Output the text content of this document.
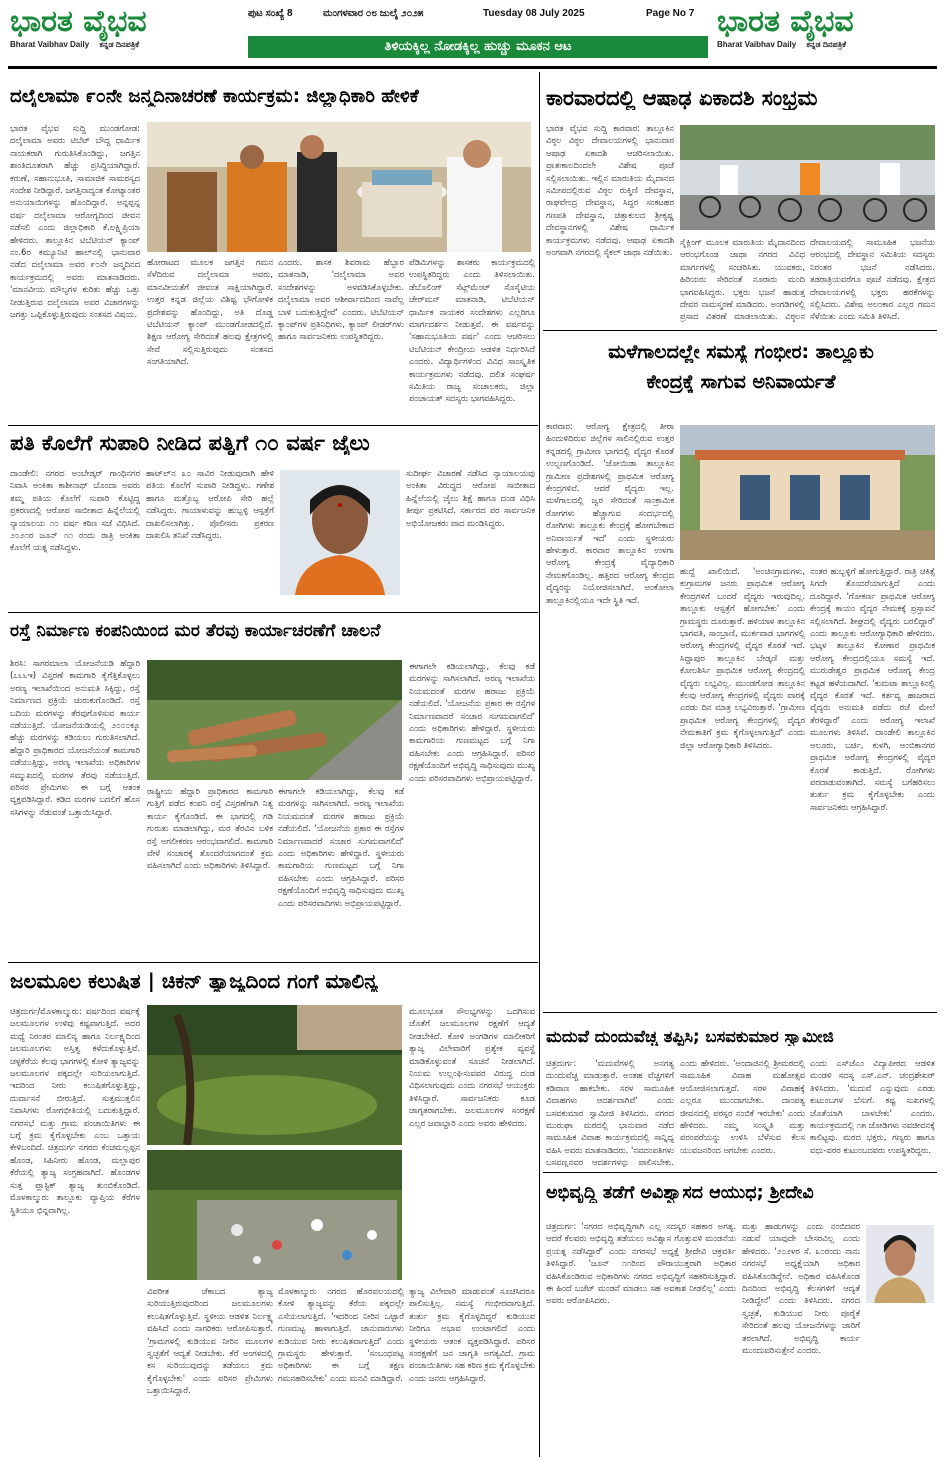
ಭಾರತ ವೈಭವ
Bharat Vaibhav Daily ಕನ್ನಡ ದಿನಪತ್ರಿಕೆ
ಭಾರತ ವೈಭವ
Bharat Vaibhav Daily ಕನ್ನಡ ದಿನಪತ್ರಿಕೆ
ಪುಟ ಸಂಖ್ಯೆ 8	ಮಂಗಳವಾರ ೦೮ ಜುಲೈ ೨೦೨೫	Tuesday 08 July 2025	Page No 7
ತಿಳಿಯಕ್ಕಿಲ್ಲ ನೋಡಕ್ಕಿಲ್ಲ ಹುಚ್ಚು ಮೂಕನ ಆಟ
ದಲೈಲಾಮಾ ೯೦ನೇ ಜನ್ಮದಿನಾಚರಣೆ ಕಾರ್ಯಕ್ರಮ: ಜಿಲ್ಲಾಧಿಕಾರಿ ಹೇಳಿಕೆ

ಭಾರತ ವೈಭವ ಸುದ್ದಿ ಮುಂಡಗೋಡ: ದಲೈಲಾಮಾ ಅವರು ಟಿಬೆಟ್‌ ಬೌದ್ಧ ಧಾರ್ಮಿಕ ನಾಯಕರಾಗಿ ಗುರುತಿಸಿಕೊಂಡಿದ್ದು, ಜಗತ್ತಿನ ಶಾಂತಿದೂತರಾಗಿ ಹೆಚ್ಚು ಪ್ರಸಿದ್ಧಿಯಾಗಿದ್ದಾರೆ. ಕರುಣೆ, ಸಹಾನುಭೂತಿ, ಸಾಮಾಜಿಕ ಸಾಮರಸ್ಯದ ಸಂದೇಶ ನೀಡಿದ್ದಾರೆ. ಜಗತ್ತಿನಾದ್ಯಂತ ಕೋಟ್ಯಾಂತರ ಅನುಯಾಯಿಗಳನ್ನು ಹೊಂದಿದ್ದಾರೆ. ಅನ್ನಪ್ಪನ್ನ ವರ್ಷ ದಲೈಲಾಮಾ ಆರೋಗ್ಯದಿಂದ ಜೀವನ ನಡೆಸಲಿ ಎಂದು ಜಿಲ್ಲಾಧಿಕಾರಿ ಕೆ.ಲಕ್ಷ್ಮಿಪ್ರಿಯಾ ಹೇಳಿದರು. ತಾಲ್ಲೂಕಿನ ಟಿಬೆಟಿಯನ್‌ ಕ್ಯಾಂಪ್‌ ನಂ.6ರ ಕಮ್ಯೂನಿಟಿ ಹಾಲ್‌ನಲ್ಲಿ ಭಾನುವಾರ ನಡೆದ ದಲೈಲಾಮಾ ಅವರ ೯೦ನೇ ಜನ್ಮದಿನದ ಕಾರ್ಯಕ್ರಮದಲ್ಲಿ ಅವರು ಮಾತನಾಡಿದರು. 'ಮಾನವೀಯ ಮೌಲ್ಯಗಳ ಕುರಿತು ಹೆಚ್ಚು ಒತ್ತು ನೀಡುತ್ತಿರುವ ದಲೈಲಾಮಾ ಅವರ ವಿಚಾರಗಳನ್ನು ಜಗತ್ತು ಒಪ್ಪಿಕೊಳ್ಳುತ್ತಿರುವುದು ಸಂತಸದ ವಿಷಯ.

ಹೋರಾಟದ ಮೂಲಕ ಜಗತ್ತಿನ ಗಮನ ಸೆಳೆದಿರುವ ದಲೈಲಾಮಾ ಅವರು, ಮಾನವೀಯತೆಗೆ ಜೀವಂತ ಸಾಕ್ಷಿಯಾಗಿದ್ದಾರೆ. ಉತ್ತರ ಕನ್ನಡ ಜಿಲ್ಲೆಯ ವಿಶಿಷ್ಟ ಭೌಗೋಳಿಕ ಪ್ರದೇಶವನ್ನು ಹೊಂದಿದ್ದು, ಅತಿ ದೊಡ್ಡ ಟಿಬೆಟಿಯನ್‌ ಕ್ಯಾಂಪ್‌ ಮುಂಡಗೋಡದಲ್ಲಿದೆ. ಶಿಕ್ಷಣ ಆರೋಗ್ಯ ಸೇರಿದಂತೆ ಹಲವು ಕ್ಷೇತ್ರಗಳಲ್ಲಿ ಸೇವೆ ಸಲ್ಲಿಸುತ್ತಿರುವುದು ಸಂತಸದ ಸಂಗತಿಯಾಗಿದೆ.

ಎಂದರು. ಶಾಸಕ ಶಿವರಾಮ ಹೆಬ್ಬಾರ ಮಾತನಾಡಿ, 'ದಲೈಲಾಮಾ ಅವರ ಸಂದೇಶಗಳನ್ನು ಅಳವಡಿಸಿಕೊಳ್ಳಬೇಕು. ದಲೈಲಾಮಾ ಅವರ ಆಶೀರ್ವಾದದಿಂದ ನಾವೆಲ್ಲ ಬಾಳಿ ಬದುಕುತ್ತಿದ್ದೇವೆ' ಎಂದರು. ಟಿಬೆಟಿಯನ್‌ ಕ್ಯಾಂಪ್‌ಗಳ ಪ್ರತಿನಿಧಿಗಳು, ಕ್ಯಾಂಪ್‌ ಲೀಡರ್‌ಗಳು ಹಾಗೂ ಸಾರ್ವಜನಿಕರು ಉಪಸ್ಥಿತರಿದ್ದರು.

ಪೆಡಿಮಿಗಳನ್ನು ಶಾಸಕರು ಕಾರ್ಯಕ್ರಮದಲ್ಲಿ ಉಪಸ್ಥಿತರಿದ್ದರು ಎಂದು ತಿಳಿಸಲಾಯಿತು. ಡೆಬೊಲಿಂಗ್‌ ಸೆಟ್ಲ್‌ಮೆಂಟ್‌ ಸೊಸೈಟಿಯ ಚೇರ್‌ಮನ್‌ ಮಾತನಾಡಿ, ಟಿಬೆಟಿಯನ್‌ ಧಾರ್ಮಿಕ ನಾಯಕರ ಸಂದೇಶಗಳು ಎಲ್ಲರಿಗೂ ಮಾರ್ಗದರ್ಶನ ನೀಡುತ್ತವೆ. ಈ ವರ್ಷವನ್ನು 'ಸಹಾನುಭೂತಿಯ ವರ್ಷ' ಎಂದು ಆಚರಿಸಲು ಟಿಬೆಟಿಯನ್‌ ಕೇಂದ್ರೀಯ ಆಡಳಿತ ನಿರ್ಧರಿಸಿದೆ ಎಂದರು. ವಿದ್ಯಾರ್ಥಿಗಳಿಂದ ವಿವಿಧ ಸಾಂಸ್ಕೃತಿಕ ಕಾರ್ಯಕ್ರಮಗಳು ನಡೆದವು. ದಲಿತ ಸಂಘರ್ಷ ಸಮಿತಿಯ ರಾಜ್ಯ ಸಂಚಾಲಕರು, ಜಿಲ್ಲಾ ಪಂಚಾಯತ್‌ ಸದಸ್ಯರು ಭಾಗವಹಿಸಿದ್ದರು.

ಪತಿ ಕೊಲೆಗೆ ಸುಪಾರಿ ನೀಡಿದ ಪತ್ನಿಗೆ ೧೦ ವರ್ಷ ಜೈಲು

ದಾಂಡೇಲಿ: ನಗರದ ಅಂಬೇಡ್ಕರ್‌ ಗಾಂಧಿನಗರ ನಿವಾಸಿ ಅಂಕಿತಾ ಕಾಶೀನಾಥ್‌ ಬೊಂದಾ ಅವರು ತಮ್ಮ ಪತಿಯ ಕೊಲೆಗೆ ಸುಪಾರಿ ಕೊಟ್ಟಿದ್ದ ಪ್ರಕರಣದಲ್ಲಿ ಆರೋಪ ಸಾಬೀತಾದ ಹಿನ್ನೆಲೆಯಲ್ಲಿ ನ್ಯಾಯಾಲಯ ೧೦ ವರ್ಷ ಕಠಿಣ ಸಜೆ ವಿಧಿಸಿದೆ. ೨೦೨೧ರ ಜೂನ್‌ ೧೧ ರಂದು ರಾತ್ರಿ ಅಂಕಿತಾ ಕೊಲೆಗೆ ಯತ್ನ ನಡೆಸಿದ್ದಳು.

ಹಾಟ್‌ಲ್‌ನ ೩೦ ಸಾವಿರ ನೀಡುವುದಾಗಿ ಹೇಳಿ ಪತಿಯ ಕೊಲೆಗೆ ಸುಪಾರಿ ನೀಡಿದ್ದಳು. ಗಣೇಶ ಹಾಗೂ ಮತ್ತೊಬ್ಬ ಆರೋಪಿ ಸೇರಿ ಹಲ್ಲೆ ನಡೆಸಿದ್ದರು. ಗಾಯಾಳುವನ್ನು ಹುಬ್ಬಳ್ಳಿ ಆಸ್ಪತ್ರೆಗೆ ದಾಖಲಿಸಲಾಗಿತ್ತು. ಪೊಲೀಸರು ಪ್ರಕರಣ ದಾಖಲಿಸಿ ತನಿಖೆ ನಡೆಸಿದ್ದರು.

ಸುದೀರ್ಘ ವಿಚಾರಣೆ ನಡೆಸಿದ ನ್ಯಾಯಾಲಯವು ಅಂಕಿತಾ ವಿರುದ್ಧದ ಆರೋಪ ಸಾಬೀತಾದ ಹಿನ್ನೆಲೆಯಲ್ಲಿ ಜೈಲು ಶಿಕ್ಷೆ ಹಾಗೂ ದಂಡ ವಿಧಿಸಿ ತೀರ್ಪು ಪ್ರಕಟಿಸಿದೆ. ಸರ್ಕಾರದ ಪರ ಸಾರ್ವಜನಿಕ ಅಭಿಯೋಜಕರು ವಾದ ಮಂಡಿಸಿದ್ದರು.

ರಸ್ತೆ ನಿರ್ಮಾಣ ಕಂಪನಿಯಿಂದ ಮರ ತೆರವು ಕಾರ್ಯಾಚರಣೆಗೆ ಚಾಲನೆ

ಶಿರಸಿ: ಸಾಗರಮಾಲಾ ಯೋಜನೆಯಡಿ ಹೆದ್ದಾರಿ (೭೬೬ಇ) ವಿಸ್ತರಣೆ ಕಾಮಗಾರಿ ಕೈಗೆತ್ತಿಕೊಳ್ಳಲು ಅರಣ್ಯ ಇಲಾಖೆಯಿಂದ ಅನುಮತಿ ಸಿಕ್ಕಿದ್ದು, ರಸ್ತೆ ನಿರ್ಮಾಣದ ಪ್ರಕ್ರಿಯೆ ಚುರುಕುಗೊಂಡಿದೆ. ರಸ್ತೆ ಬದಿಯ ಮರಗಳನ್ನು ತೆರವುಗೊಳಿಸುವ ಕಾರ್ಯ ನಡೆಯುತ್ತಿದೆ. ಯೋಜನೆಯಡಿಯಲ್ಲಿ ೨೦೦೦ಕ್ಕೂ ಹೆಚ್ಚು ಮರಗಳನ್ನು ಕಡಿಯಲು ಗುರುತಿಸಲಾಗಿದೆ. ಹೆದ್ದಾರಿ ಪ್ರಾಧಿಕಾರದ ಯೋಜನೆಯಂತೆ ಕಾಮಗಾರಿ ನಡೆಯುತ್ತಿದ್ದು, ಅರಣ್ಯ ಇಲಾಖೆಯ ಅಧಿಕಾರಿಗಳ ಸಮ್ಮುಖದಲ್ಲಿ ಮರಗಳ ತೆರವು ನಡೆಯುತ್ತಿದೆ. ಪರಿಸರ ಪ್ರೇಮಿಗಳು ಈ ಬಗ್ಗೆ ಆತಂಕ ವ್ಯಕ್ತಪಡಿಸಿದ್ದಾರೆ. ಕಡಿದ ಮರಗಳ ಬದಲಿಗೆ ಹೊಸ ಸಸಿಗಳನ್ನು ನೆಡುವಂತೆ ಒತ್ತಾಯಿಸಿದ್ದಾರೆ.

ರಾಷ್ಟ್ರೀಯ ಹೆದ್ದಾರಿ ಪ್ರಾಧಿಕಾರದ ಕಾಮಗಾರಿ ಗುತ್ತಿಗೆ ಪಡೆದ ಕಂಪನಿ ರಸ್ತೆ ವಿಸ್ತರಣೆಗಾಗಿ ನಿತ್ಯ ಕಾರ್ಯ ಕೈಗೊಂಡಿದೆ. ಈ ಭಾಗದಲ್ಲಿ ಗಡಿ ಗುರುತು ಮಾಡಲಾಗಿದ್ದು, ಮರ ತೆರವಿನ ಬಳಿಕ ರಸ್ತೆ ಅಗಲೀಕರಣ ಆರಂಭವಾಗಲಿದೆ. ಕಾಮಗಾರಿ ವೇಳೆ ಸಂಚಾರಕ್ಕೆ ತೊಂದರೆಯಾಗದಂತೆ ಕ್ರಮ ವಹಿಸಲಾಗಿದೆ ಎಂದು ಅಧಿಕಾರಿಗಳು ತಿಳಿಸಿದ್ದಾರೆ.

ಈಗಾಗಲೇ ಕಡಿಯಲಾಗಿದ್ದು, ಕೆಲವು ಕಡೆ ಮರಗಳನ್ನು ಸಾಗಿಸಲಾಗಿದೆ. ಅರಣ್ಯ ಇಲಾಖೆಯ ನಿಯಮದಂತೆ ಮರಗಳ ಹರಾಜು ಪ್ರಕ್ರಿಯೆ ನಡೆಯಲಿದೆ. 'ಯೋಜನೆಯ ಪ್ರಕಾರ ಈ ರಸ್ತೆಗಳ ನಿರ್ಮಾಣವಾದರೆ ಸಂಚಾರ ಸುಗಮವಾಗಲಿದೆ' ಎಂದು ಅಧಿಕಾರಿಗಳು ಹೇಳಿದ್ದಾರೆ. ಸ್ಥಳೀಯರು ಕಾಮಗಾರಿಯ ಗುಣಮಟ್ಟದ ಬಗ್ಗೆ ನಿಗಾ ವಹಿಸಬೇಕು ಎಂದು ಆಗ್ರಹಿಸಿದ್ದಾರೆ. ಪರಿಸರ ರಕ್ಷಣೆಯೊಂದಿಗೆ ಅಭಿವೃದ್ಧಿ ಸಾಧಿಸುವುದು ಮುಖ್ಯ ಎಂದು ಪರಿಸರವಾದಿಗಳು ಅಭಿಪ್ರಾಯಪಟ್ಟಿದ್ದಾರೆ.

ಈಗಾಗಲೇ ಕಡಿಯಲಾಗಿದ್ದು, ಕೆಲವು ಕಡೆ ಮರಗಳನ್ನು ಸಾಗಿಸಲಾಗಿದೆ. ಅರಣ್ಯ ಇಲಾಖೆಯ ನಿಯಮದಂತೆ ಮರಗಳ ಹರಾಜು ಪ್ರಕ್ರಿಯೆ ನಡೆಯಲಿದೆ. 'ಯೋಜನೆಯ ಪ್ರಕಾರ ಈ ರಸ್ತೆಗಳ ನಿರ್ಮಾಣವಾದರೆ ಸಂಚಾರ ಸುಗಮವಾಗಲಿದೆ' ಎಂದು ಅಧಿಕಾರಿಗಳು ಹೇಳಿದ್ದಾರೆ. ಸ್ಥಳೀಯರು ಕಾಮಗಾರಿಯ ಗುಣಮಟ್ಟದ ಬಗ್ಗೆ ನಿಗಾ ವಹಿಸಬೇಕು ಎಂದು ಆಗ್ರಹಿಸಿದ್ದಾರೆ. ಪರಿಸರ ರಕ್ಷಣೆಯೊಂದಿಗೆ ಅಭಿವೃದ್ಧಿ ಸಾಧಿಸುವುದು ಮುಖ್ಯ ಎಂದು ಪರಿಸರವಾದಿಗಳು ಅಭಿಪ್ರಾಯಪಟ್ಟಿದ್ದಾರೆ.

ಜಲಮೂಲ ಕಲುಷಿತ | ಚಿಕನ್ ತ್ಯಾಜ್ಯದಿಂದ ಗಂಗೆ ಮಾಲಿನ್ಯ

ಚಿತ್ರದುರ್ಗ/ಮೊಳಕಾಲ್ಮುರು: ವರ್ಷದಿಂದ ವರ್ಷಕ್ಕೆ ಜಲಮೂಲಗಳ ಉಳಿವು ಕಷ್ಟವಾಗುತ್ತಿದೆ. ಅದರ ಮಧ್ಯೆ ನಿರಂತರ ಮಾಲಿನ್ಯ ಹಾಗೂ ನಿರ್ಲಕ್ಷ್ಯದಿಂದ ಜಲಮೂಲಗಳು ಅಸ್ತಿತ್ವ ಕಳೆದುಕೊಳ್ಳುತ್ತಿವೆ. ಚಳ್ಳಕೆರೆಯ ಕೆಲವು ಭಾಗಗಳಲ್ಲಿ ಕೋಳಿ ತ್ಯಾಜ್ಯವನ್ನು ಜಲಮೂಲಗಳ ಪಕ್ಕದಲ್ಲೇ ಸುರಿಯಲಾಗುತ್ತಿದೆ. ಇದರಿಂದ ನೀರು ಕಲುಷಿತಗೊಳ್ಳುತ್ತಿದ್ದು, ದುರ್ವಾಸನೆ ಬೀರುತ್ತಿದೆ. ಸುತ್ತಮುತ್ತಲಿನ ನಿವಾಸಿಗಳು ರೋಗಭೀತಿಯಲ್ಲಿ ಬದುಕುತ್ತಿದ್ದಾರೆ. ನಗರಸಭೆ ಮತ್ತು ಗ್ರಾಮ ಪಂಚಾಯಿತಿಗಳು ಈ ಬಗ್ಗೆ ಕ್ರಮ ಕೈಗೊಳ್ಳಬೇಕು ಎಂಬ ಒತ್ತಾಯ ಕೇಳಿಬಂದಿದೆ. ಚಿತ್ರದುರ್ಗ ನಗರದ ಕೆಂಚಮಲ್ಲಪ್ಪನ ಹೊಂಡ, ಸಿಹಿನೀರು ಹೊಂಡ, ಮಲ್ಲಾಪುರ ಕೆರೆಯಲ್ಲಿ ತ್ಯಾಜ್ಯ ಸಂಗ್ರಹವಾಗಿದೆ. ಹೊಂಡಗಳ ಸುತ್ತ ಪ್ಲಾಸ್ಟಿಕ್‌ ತ್ಯಾಜ್ಯ ತುಂಬಿಕೊಂಡಿದೆ. ಮೊಳಕಾಲ್ಮುರು ತಾಲ್ಲೂಕು ವ್ಯಾಪ್ತಿಯ ಕೆರೆಗಳ ಸ್ಥಿತಿಯೂ ಭಿನ್ನವಾಗಿಲ್ಲ.

ವಿಪರೀತ ಚೆಕಾಬದ ತ್ಯಾಜ್ಯ ಸುರಿಯುತ್ತಿರುವುದರಿಂದ ಜಲಮೂಲಗಳು ಕಲುಷಿತಗೊಳ್ಳುತ್ತಿವೆ. ಸ್ಥಳೀಯ ಆಡಳಿತ ನಿರ್ಲಕ್ಷ್ಯ ವಹಿಸಿದೆ ಎಂದು ನಾಗರಿಕರು ಆರೋಪಿಸುತ್ತಾರೆ. 'ಗ್ರಾಮಗಳಲ್ಲಿ ಕುಡಿಯುವ ನೀರಿನ ಮೂಲಗಳ ಸ್ವಚ್ಛತೆಗೆ ಆದ್ಯತೆ ನೀಡಬೇಕು. ಕೆರೆ ಅಂಗಳದಲ್ಲಿ ಕಸ ಸುರಿಯುವುದನ್ನು ತಡೆಯಲು ಕ್ರಮ ಕೈಗೊಳ್ಳಬೇಕು' ಎಂದು ಪರಿಸರ ಪ್ರೇಮಿಗಳು ಒತ್ತಾಯಿಸಿದ್ದಾರೆ.

ಮೊಳಕಾಲ್ಮುರು ನಗರದ ಹೊರವಲಯದಲ್ಲಿ ಕೋಳಿ ತ್ಯಾಜ್ಯವನ್ನು ಕೆರೆಯ ಪಕ್ಕದಲ್ಲೇ ಎಸೆಯಲಾಗುತ್ತಿದೆ. 'ಇದರಿಂದ ನೀರಿನ ಒಟ್ಟಾರೆ ಗುಣಮಟ್ಟ ಹಾಳಾಗುತ್ತಿದೆ. ಜಾನುವಾರುಗಳು ಕುಡಿಯುವ ನೀರು ಕಲುಷಿತವಾಗುತ್ತಿದೆ' ಎಂದು ಗ್ರಾಮಸ್ಥರು ಹೇಳುತ್ತಾರೆ. 'ಸಂಬಂಧಪಟ್ಟ ಅಧಿಕಾರಿಗಳು ಈ ಬಗ್ಗೆ ತಕ್ಷಣ ಗಮನಹರಿಸಬೇಕು' ಎಂದು ಮನವಿ ಮಾಡಿದ್ದಾರೆ.

ಮೂಲಭೂತ ಸೌಲಭ್ಯಗಳನ್ನು ಒದಗಿಸುವ ಜೊತೆಗೆ ಜಲಮೂಲಗಳ ರಕ್ಷಣೆಗೆ ಆದ್ಯತೆ ನೀಡಬೇಕಿದೆ. ಕೋಳಿ ಅಂಗಡಿಗಳ ಮಾಲೀಕರಿಗೆ ತ್ಯಾಜ್ಯ ವಿಲೇವಾರಿಗೆ ಪ್ರತ್ಯೇಕ ವ್ಯವಸ್ಥೆ ಮಾಡಿಕೊಳ್ಳುವಂತೆ ಸೂಚನೆ ನೀಡಲಾಗಿದೆ. ನಿಯಮ ಉಲ್ಲಂಘಿಸುವವರ ವಿರುದ್ಧ ದಂಡ ವಿಧಿಸಲಾಗುವುದು ಎಂದು ನಗರಸಭೆ ಆಯುಕ್ತರು ತಿಳಿಸಿದ್ದಾರೆ. ಸಾರ್ವಜನಿಕರು ಕೂಡ ಜಾಗೃತರಾಗಬೇಕು. ಜಲಮೂಲಗಳ ಸಂರಕ್ಷಣೆ ಎಲ್ಲರ ಜವಾಬ್ದಾರಿ ಎಂದು ಅವರು ಹೇಳಿದರು.

ತ್ಯಾಜ್ಯ ವಿಲೇವಾರಿ ಮಾಡುವಂತೆ ಸೂಚಿಸಿದರೂ ಪಾಲಿಸುತ್ತಿಲ್ಲ. ಸಮಸ್ಯೆ ಗಂಭೀರವಾಗುತ್ತಿದೆ. ತುರ್ತು ಕ್ರಮ ಕೈಗೊಳ್ಳದಿದ್ದರೆ ಕುಡಿಯುವ ನೀರಿಗೂ ಅಭಾವ ಉಂಟಾಗಲಿದೆ ಎಂದು ಸ್ಥಳೀಯರು ಆತಂಕ ವ್ಯಕ್ತಪಡಿಸಿದ್ದಾರೆ. ಪರಿಸರ ಸಂರಕ್ಷಣೆಗೆ ಜನ ಜಾಗೃತಿ ಅಗತ್ಯವಿದೆ. ಗ್ರಾಮ ಪಂಚಾಯಿತಿಗಳು ಸಹ ಕಠಿಣ ಕ್ರಮ ಕೈಗೊಳ್ಳಬೇಕು ಎಂದು ಜನರು ಆಗ್ರಹಿಸಿದ್ದಾರೆ.

ಕಾರವಾರದಲ್ಲಿ ಆಷಾಢ ಏಕಾದಶಿ ಸಂಭ್ರಮ

ಭಾರತ ವೈಭವ ಸುದ್ದಿ ಕಾರವಾರ: ತಾಲ್ಲೂಕಿನ ವಿಠ್ಠಲ ವಿಠ್ಠಲ ದೇವಾಲಯಗಳಲ್ಲಿ ಭಾನುವಾರ ಆಷಾಢ ಏಕಾದಶಿ ಆಚರಿಸಲಾಯಿತು. ಪ್ರಾತಃಕಾಲದಿಂದಲೇ ವಿಶೇಷ ಪೂಜೆ ಸಲ್ಲಿಸಲಾಯಿತು. ಇಲ್ಲಿನ ಮಾರುತಿಯ ಮೈದಾನದ ಸಮೀಪದಲ್ಲಿರುವ ವಿಠ್ಠಲ ರುಕ್ಮಿಣಿ ದೇವಸ್ಥಾನ, ರಾಘವೇಂದ್ರ ದೇವಸ್ಥಾನ, ಸಿದ್ದರ ಸಂಕಟಹರ ಗಣಪತಿ ದೇವಸ್ಥಾನ, ಚಿತ್ತಾಕುಲದ ಶ್ರೀಕೃಷ್ಣ ದೇವಸ್ಥಾನಗಳಲ್ಲಿ ವಿಶೇಷ ಧಾರ್ಮಿಕ ಕಾರ್ಯಕ್ರಮಗಳು ನಡೆದವು. ಆಷಾಢ ಏಕಾದಶಿ ಅಂಗವಾಗಿ ನಗರದಲ್ಲಿ ಸೈಕಲ್‌ ಜಾಥಾ ನಡೆಯಿತು.

ಸೈಕ್ಲಿಂಗ್‌ ಮೂಲಕ ಮಾರುತಿಯ ಮೈದಾನದಿಂದ ಆರಂಭಗೊಂಡ ಜಾಥಾ ನಗರದ ವಿವಿಧ ಮಾರ್ಗಗಳಲ್ಲಿ ಸಂಚರಿಸಿತು. ಯುವಕರು, ಹಿರಿಯರು ಸೇರಿದಂತೆ ನೂರಾರು ಮಂದಿ ಭಾಗವಹಿಸಿದ್ದರು. ಭಕ್ತರು ಭಜನೆ ಹಾಡುತ್ತ ದೇವರ ನಾಮಸ್ಮರಣೆ ಮಾಡಿದರು. ಅಂಗಡಿಗಳಲ್ಲಿ ಪ್ರಸಾದ ವಿತರಣೆ ಮಾಡಲಾಯಿತು. ವಿಠ್ಠಲನ

ದೇವಾಲಯದಲ್ಲಿ ಸಾಮೂಹಿಕ ಭಜನೆಯ ಆರಂಭದಲ್ಲಿ ದೇವಸ್ಥಾನ ಸಮಿತಿಯ ಸದಸ್ಯರು ನಿರಂತರ ಭಜನೆ ನಡೆಸಿದರು. ತಡರಾತ್ರಿಯವರೆಗೂ ಪೂಜೆ ನಡೆದವು. ಕ್ಷೇತ್ರದ ದೇವಾಲಯಗಳಲ್ಲಿ ಭಕ್ತರು ಹರಕೆಗಳನ್ನು ಸಲ್ಲಿಸಿದರು. ವಿಶೇಷ ಅಲಂಕಾರ ಎಲ್ಲರ ಗಮನ ಸೆಳೆಯಿತು ಎಂದು ಸಮಿತಿ ತಿಳಿಸಿದೆ.

ಮಳೆಗಾಲದಲ್ಲೇ ಸಮಸ್ಯೆ ಗಂಭೀರ: ತಾಲ್ಲೂಕು
ಕೇಂದ್ರಕ್ಕೆ ಸಾಗುವ ಅನಿವಾರ್ಯತೆ

ಕಾರವಾರ: ಆರೋಗ್ಯ ಕ್ಷೇತ್ರದಲ್ಲಿ ತೀರಾ ಹಿಂದುಳಿದಿರುವ ಜಿಲ್ಲೆಗಳ ಸಾಲಿನಲ್ಲಿರುವ ಉತ್ತರ ಕನ್ನಡದಲ್ಲಿ ಗ್ರಾಮೀಣ ಭಾಗದಲ್ಲಿ ವೈದ್ಯರ ಕೊರತೆ ಉಲ್ಬಣಗೊಂಡಿದೆ. 'ಜೋಯಿಡಾ ತಾಲ್ಲೂಕಿನ ಗ್ರಾಮೀಣ ಪ್ರದೇಶಗಳಲ್ಲಿ ಪ್ರಾಥಮಿಕ ಆರೋಗ್ಯ ಕೇಂದ್ರಗಳಿವೆ. ಆದರೆ ವೈದ್ಯರು ಇಲ್ಲ. ಮಳೆಗಾಲದಲ್ಲಿ ಜ್ವರ ಸೇರಿದಂತೆ ಸಾಂಕ್ರಾಮಿಕ ರೋಗಗಳು ಹೆಚ್ಚಾಗುವ ಸಂದರ್ಭದಲ್ಲಿ ರೋಗಿಗಳು ತಾಲ್ಲೂಕು ಕೇಂದ್ರಕ್ಕೆ ಹೋಗಬೇಕಾದ ಅನಿವಾರ್ಯತೆ ಇದೆ' ಎಂದು ಸ್ಥಳೀಯರು ಹೇಳುತ್ತಾರೆ. ಕಾರವಾರ ತಾಲ್ಲೂಕಿನ ಉಳಗಾ ಆರೋಗ್ಯ ಕೇಂದ್ರಕ್ಕೆ ವೈದ್ಯಾಧಿಕಾರಿ ನೇಮಕಗೊಂಡಿಲ್ಲ. ಹತ್ತಿರದ ಆರೋಗ್ಯ ಕೇಂದ್ರದ ವೈದ್ಯರನ್ನು ನಿಯೋಜಿಸಲಾಗಿದೆ. ಅಂಕೋಲಾ ತಾಲ್ಲೂಕಿನಲ್ಲಿಯೂ ಇದೇ ಸ್ಥಿತಿ ಇದೆ.

ಹುದ್ದೆ ಖಾಲಿಯಿದೆ. 'ಅಂಚಿನಗ್ರಾಮಗಳು, ಕುಗ್ರಾಮಗಳ ಜನರು ಪ್ರಾಥಮಿಕ ಆರೋಗ್ಯ ಕೇಂದ್ರಗಳಿಗೆ ಬಂದರೆ ವೈದ್ಯರು ಇರುವುದಿಲ್ಲ. ತಾಲ್ಲೂಕು ಆಸ್ಪತ್ರೆಗೆ ಹೋಗಬೇಕು' ಎಂದು ಗ್ರಾಮಸ್ಥರು ದೂರುತ್ತಾರೆ. ಹಳಿಯಾಳ ತಾಲ್ಲೂಕಿನ ಭಾಗವತಿ, ಸಾಂಬ್ರಾಣಿ, ಮುರ್ಕವಾಡ ಭಾಗಗಳಲ್ಲಿ ಆರೋಗ್ಯ ಕೇಂದ್ರಗಳಲ್ಲಿ ವೈದ್ಯರ ಕೊರತೆ ಇದೆ. ಸಿದ್ದಾಪುರ ತಾಲ್ಲೂಕಿನ ಬೇಡ್ಕಣಿ ಮತ್ತು ಕೋಲಶಿರ್ಸಿ ಪ್ರಾಥಮಿಕ ಆರೋಗ್ಯ ಕೇಂದ್ರದಲ್ಲಿ ವೈದ್ಯರು ಲಭ್ಯವಿಲ್ಲ. ಮುಂಡಗೋಡ ತಾಲ್ಲೂಕಿನ ಕೆಲವು ಆರೋಗ್ಯ ಕೇಂದ್ರಗಳಲ್ಲಿ ವೈದ್ಯರು ವಾರಕ್ಕೆ ಎರಡು ದಿನ ಮಾತ್ರ ಲಭ್ಯವಿರುತ್ತಾರೆ. 'ಗ್ರಾಮೀಣ ಪ್ರಾಥಮಿಕ ಆರೋಗ್ಯ ಕೇಂದ್ರಗಳಲ್ಲಿ ವೈದ್ಯರ ನೇಮಕಾತಿಗೆ ಕ್ರಮ ಕೈಗೊಳ್ಳಲಾಗುತ್ತಿದೆ' ಎಂದು ಜಿಲ್ಲಾ ಆರೋಗ್ಯಾಧಿಕಾರಿ ತಿಳಿಸಿದರು.

ನಂತರ ಹುಬ್ಬಳ್ಳಿಗೆ ಹೋಗುತ್ತಿದ್ದಾರೆ. ರಾತ್ರಿ ಚಿಕಿತ್ಸೆ ಸಿಗದೇ ತೊಂದರೆಯಾಗುತ್ತಿದೆ ಎಂದು ದೂರಿದ್ದಾರೆ. 'ಗೋಕರ್ಣ ಪ್ರಾಥಮಿಕ ಆರೋಗ್ಯ ಕೇಂದ್ರಕ್ಕೆ ಕಾಯಂ ವೈದ್ಯರ ನೇಮಕಕ್ಕೆ ಪ್ರಸ್ತಾವನೆ ಸಲ್ಲಿಸಲಾಗಿದೆ. ಶೀಘ್ರದಲ್ಲಿ ವೈದ್ಯರು ಬರಲಿದ್ದಾರೆ' ಎಂದು ತಾಲ್ಲೂಕು ಆರೋಗ್ಯಾಧಿಕಾರಿ ಹೇಳಿದರು. ಭಟ್ಕಳ ತಾಲ್ಲೂಕಿನ ಕೋಣಾರ ಪ್ರಾಥಮಿಕ ಆರೋಗ್ಯ ಕೇಂದ್ರದಲ್ಲಿಯೂ ಸಮಸ್ಯೆ ಇದೆ. ಮುರುಡೇಶ್ವರ ಪ್ರಾಥಮಿಕ ಆರೋಗ್ಯ ಕೇಂದ್ರ ಕಟ್ಟಡ ಹಳೆಯದಾಗಿದೆ. 'ಕುಮಟಾ ತಾಲ್ಲೂಕಿನಲ್ಲಿ ವೈದ್ಯರ ಕೊರತೆ ಇದೆ. ಕರ್ತವ್ಯ ಹಾಜರಾದ ವೈದ್ಯರು ಅನುಮತಿ ಪಡೆದು ರಜೆ ಮೇಲೆ ತೆರಳಿದ್ದಾರೆ' ಎಂದು ಆರೋಗ್ಯ ಇಲಾಖೆ ಮೂಲಗಳು ತಿಳಿಸಿವೆ. ದಾಂಡೇಲಿ ತಾಲ್ಲೂಕಿನ ಅಲೂರು, ಬರ್ಚಿ, ಕುಳಗಿ, ಅಂಬಿಕಾನಗರ ಪ್ರಾಥಮಿಕ ಆರೋಗ್ಯ ಕೇಂದ್ರಗಳಲ್ಲಿ ವೈದ್ಯರ ಕೊರತೆ ಕಾಡುತ್ತಿದೆ. ರೋಗಿಗಳು ಪರದಾಡುವಂತಾಗಿದೆ. ಸಮಸ್ಯೆ ಬಗೆಹರಿಸಲು ತುರ್ತು ಕ್ರಮ ಕೈಗೊಳ್ಳಬೇಕು ಎಂದು ಸಾರ್ವಜನಿಕರು ಆಗ್ರಹಿಸಿದ್ದಾರೆ.

ಮದುವೆ ದುಂದುವೆಚ್ಚ ತಪ್ಪಿಸಿ; ಬಸವಕುಮಾರ ಸ್ವಾಮೀಜಿ

ಚಿತ್ರದುರ್ಗ: 'ಮದುವೆಗಳಲ್ಲಿ ಅನಗತ್ಯ ದುಂದುವೆಚ್ಚ ಮಾಡುತ್ತಾರೆ. ಅಂತಹ ವೆಚ್ಚಗಳಿಗೆ ಕಡಿವಾಣ ಹಾಕಬೇಕು. ಸರಳ ಸಾಮೂಹಿಕ ವಿವಾಹಗಳು ಆದರ್ಶವಾಗಿವೆ' ಎಂದು ಬಸವಕುಮಾರ ಸ್ವಾಮೀಜಿ ತಿಳಿಸಿದರು. ನಗರದ ಮುರುಘಾ ಮಠದಲ್ಲಿ ಭಾನುವಾರ ನಡೆದ ಸಾಮೂಹಿಕ ವಿವಾಹ ಕಾರ್ಯಕ್ರಮದಲ್ಲಿ ಸಾನ್ನಿಧ್ಯ ವಹಿಸಿ ಅವರು ಮಾತನಾಡಿದರು. 'ನವದಂಪತಿಗಳು ಬಸವಣ್ಣನವರ ಆದರ್ಶಗಳನ್ನು ಪಾಲಿಸಬೇಕು.

ಎಂದು ಹೇಳಿದರು. 'ಅಂದಾಜಿನಲ್ಲಿ ಶ್ರೀಮಠದಲ್ಲಿ ಸಾಮೂಹಿಕ ವಿವಾಹ ಮಹೋತ್ಸವ ಆಯೋಜಿಸಲಾಗುತ್ತದೆ. ಸರಳ ವಿವಾಹಕ್ಕೆ ಎಲ್ಲರೂ ಮುಂದಾಗಬೇಕು. ದಾಂಪತ್ಯ ಜೀವನದಲ್ಲಿ ಪರಸ್ಪರ ನಂಬಿಕೆ ಇರಬೇಕು' ಎಂದು ಹೇಳಿದರು. ನಮ್ಮ ಸಂಸ್ಕೃತಿ ಮತ್ತು ಪರಂಪರೆಯನ್ನು ಉಳಿಸಿ ಬೆಳೆಸುವ ಕೆಲಸ ಯುವಜನರಿಂದ ಆಗಬೇಕು ಎಂದರು.

ಎಂದು ಎಸ್‌ಜೆಎಂ ವಿದ್ಯಾಪೀಠದ ಆಡಳಿತ ಮಂಡಳಿ ಸದಸ್ಯ ಎಸ್‌.ಎನ್‌. ಚಂದ್ರಶೇಖರ್‌ ತಿಳಿಸಿದರು. 'ಮದುವೆ ಎನ್ನುವುದು ಎರಡು ಕುಟುಂಬಗಳ ಬೆಸುಗೆ. ಕಷ್ಟ ಸುಖಗಳಲ್ಲಿ ಜೊತೆಯಾಗಿ ಬಾಳಬೇಕು' ಎಂದರು. ಕಾರ್ಯಕ್ರಮದಲ್ಲಿ ೧೫ ಜೋಡಿಗಳು ನವಜೀವನಕ್ಕೆ ಕಾಲಿಟ್ಟವು. ಮಠದ ಭಕ್ತರು, ಗಣ್ಯರು ಹಾಗೂ ವಧು-ವರರ ಕುಟುಂಬದವರು ಉಪಸ್ಥಿತರಿದ್ದರು.

ಅಭಿವೃದ್ಧಿ ತಡೆಗೆ ಅವಿಶ್ವಾಸದ ಆಯುಧ; ಶ್ರೀದೇವಿ

ಚಿತ್ರದುರ್ಗ: 'ನಗರದ ಅಭಿವೃದ್ಧಿಗಾಗಿ ಎಲ್ಲ ಸದಸ್ಯರ ಸಹಕಾರ ಅಗತ್ಯ. ಆದರೆ ಕೆಲವರು ಅಭಿವೃದ್ಧಿ ತಡೆಯಲು ಅವಿಶ್ವಾಸ ಗೊತ್ತುವಳಿ ಮಂಡನೆಯ ಪ್ರಯತ್ನ ನಡೆಸಿದ್ದಾರೆ' ಎಂದು ನಗರಸಭೆ ಅಧ್ಯಕ್ಷೆ ಶ್ರೀದೇವಿ ಚಕ್ರವರ್ತಿ ತಿಳಿಸಿದ್ದಾರೆ. 'ಜೂನ್‌ ೧೧ರಿಂದ ಪೌರಾಯುಕ್ತರಾಗಿ ಅಧಿಕಾರ ವಹಿಸಿಕೊಂಡಿರುವ ಅಧಿಕಾರಿಗಳು ನಗರದ ಅಭಿವೃದ್ಧಿಗೆ ಸಹಕರಿಸುತ್ತಿದ್ದಾರೆ. ಈ ಹಿಂದೆ ಬಜೆಟ್‌ ಮಂಡನೆ ಮಾಡಲು ಸಹ ಅವಕಾಶ ನೀಡಲಿಲ್ಲ' ಎಂದು ಅವರು ಆರೋಪಿಸಿದರು.

ಮತ್ತು ಹಾಡುಗಳನ್ನು ಎಂದು ನಂಬಿದವರ ನಡುವೆ ಯಾವುದೇ ಬೇಸರವಿಲ್ಲ ಎಂದು ಹೇಳಿದರು. '೨೦೨೪ರ ಸೆ. ೩೦ರಂದು ನಾನು ನಗರಸಭೆ ಅಧ್ಯಕ್ಷೆಯಾಗಿ ಅಧಿಕಾರ ವಹಿಸಿಕೊಂಡಿದ್ದೇನೆ. ಅಧಿಕಾರ ವಹಿಸಿಕೊಂಡ ದಿನದಿಂದ ಅಭಿವೃದ್ಧಿ ಕೆಲಸಗಳಿಗೆ ಆದ್ಯತೆ ನೀಡಿದ್ದೇನೆ' ಎಂದು ತಿಳಿಸಿದರು. ನಗರದ ಸ್ವಚ್ಛತೆ, ಕುಡಿಯುವ ನೀರು ಪೂರೈಕೆ ಸೇರಿದಂತೆ ಹಲವು ಯೋಜನೆಗಳನ್ನು ಜಾರಿಗೆ ತರಲಾಗಿದೆ. ಅಭಿವೃದ್ಧಿ ಕಾರ್ಯ ಮುಂದುವರಿಸುತ್ತೇನೆ ಎಂದರು.
